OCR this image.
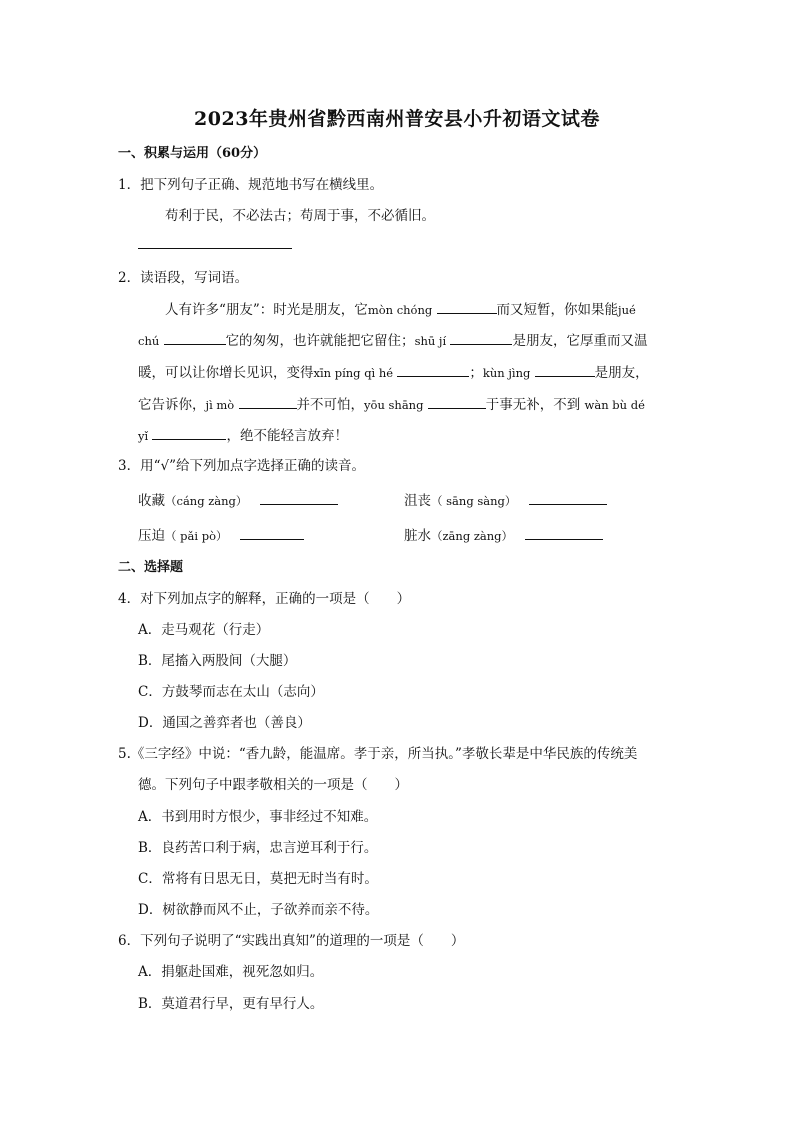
2023年贵州省黔西南州普安县小升初语文试卷
一、积累与运用（60分）
1．把下列句子正确、规范地书写在横线里。
苟利于民，不必法古；苟周于事，不必循旧。
2．读语段，写词语。
人有许多“朋友”：时光是朋友，它mòn chóng	而又短暂，你如果能jué
chú	它的匆匆，也许就能把它留住；shū jí	是朋友，它厚重而又温
暖，可以让你增长见识，变得xīn píng qì hé	；kùn jìng	是朋友，
它告诉你，jì mò	并不可怕，yōu shāng	于事无补，不到 wàn bù dé
yǐ	，绝不能轻言放弃！
3．用“√”给下列加点字选择正确的读音。
收藏（cáng zàng）	沮丧（ sāng sàng）
压迫（ pǎi pò）	脏水（zāng zàng）
二、选择题
4．对下列加点字的解释，正确的一项是（　　）
A．走马观花（行走）
B．尾搐入两股间（大腿）
C．方鼓琴而志在太山（志向）
D．通国之善弈者也（善良）
5.《三字经》中说：“香九龄，能温席。孝于亲，所当执。”孝敬长辈是中华民族的传统美
德。下列句子中跟孝敬相关的一项是（　　）
A．书到用时方恨少，事非经过不知难。
B．良药苦口利于病，忠言逆耳利于行。
C．常将有日思无日，莫把无时当有时。
D．树欲静而风不止，子欲养而亲不待。
6．下列句子说明了“实践出真知”的道理的一项是（　　）
A．捐躯赴国难，视死忽如归。
B．莫道君行早，更有早行人。
